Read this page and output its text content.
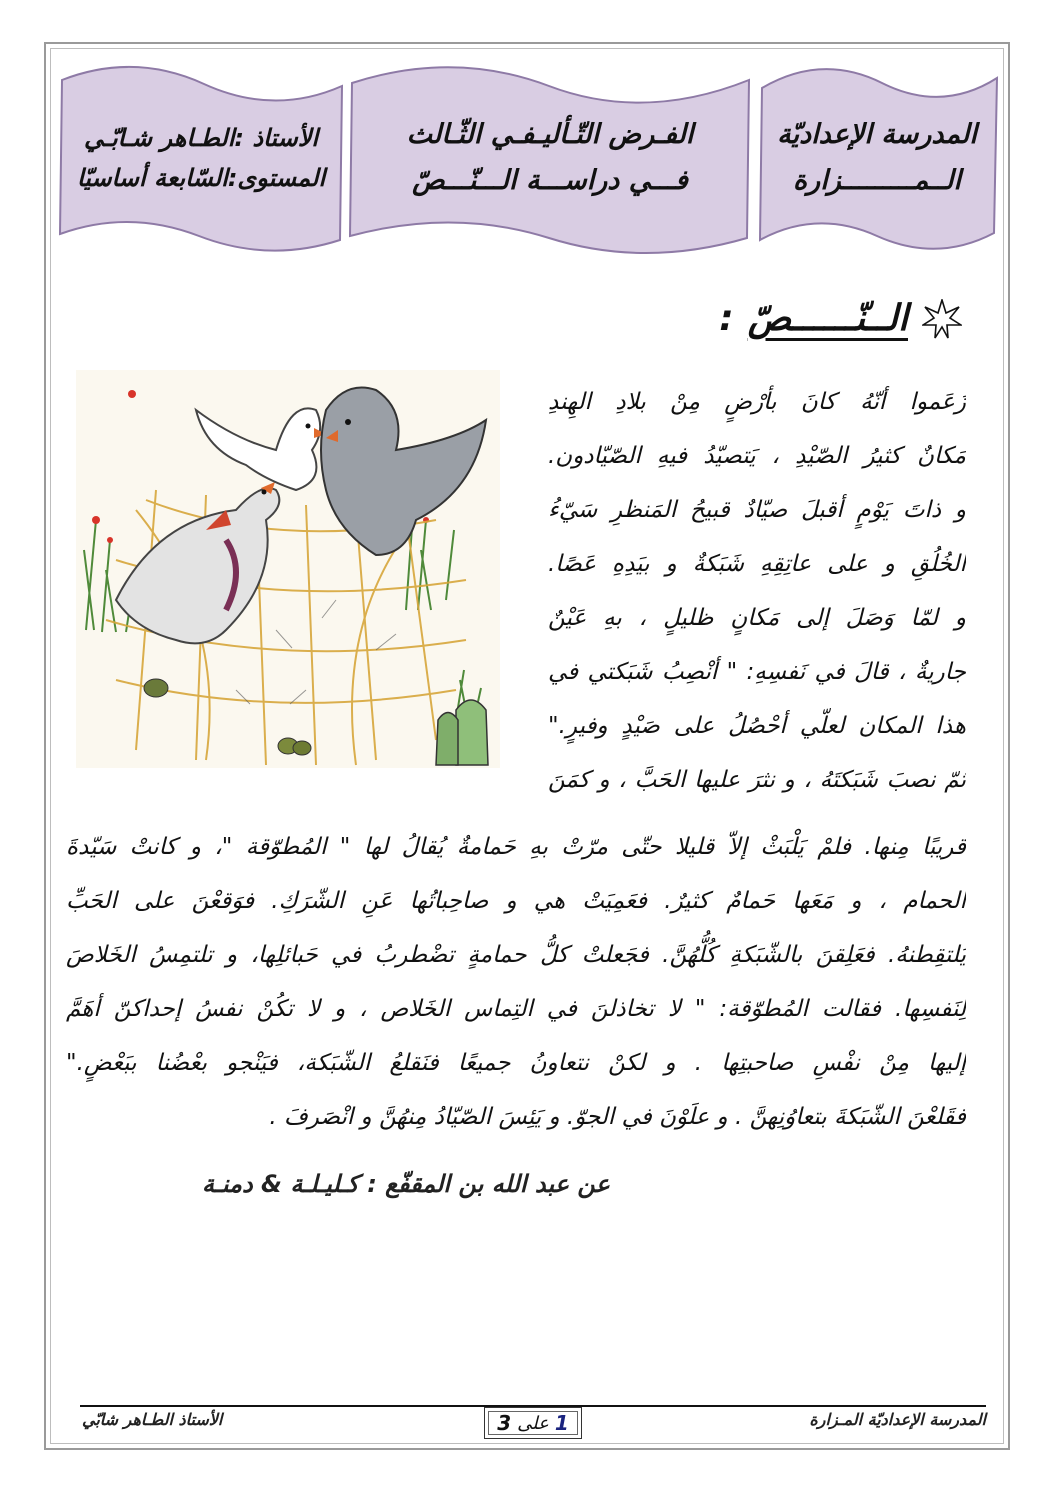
المدرسة الإعداديّة
الــمـــــــــزارة
الفـرض التّـأليـفـي الثّـالث
فـــي دراســـة الـــنّـــصّ
الأستاذ :الطـاهر شـابّـي
المستوى:السّابعة أساسيّا
الــنّــــــصّ
:
زَعَموا أنّهُ كانَ بأرْضٍ مِنْ بلادِ الهِندِ
مَكانٌ كثيرُ الصّيْدِ ، يَتصيّدُ فيهِ الصّيّادون.
و ذاتَ يَوْمٍ أقبلَ صيّادٌ قبيحُ المَنظرِ سَيّءُ
الخُلُقِ و على عاتِقِهِ شَبَكةٌ و بيَدِهِ عَصًا.
و لمّا وَصَلَ إلى مَكانٍ ظليلٍ ، بهِ عَيْنٌ
جاريةٌ ، قالَ في نَفسِهِ: " أنْصِبُ شَبَكتي في
هذا المكان لعلّي أحْصُلُ على صَيْدٍ وفيرٍ."
ثمّ نصبَ شَبَكتَهُ ، و نثرَ عليها الحَبَّ ، و كمَنَ
قريبًا مِنها. فلمْ يَلْبَثْ إلاّ قليلا حتّى مرّتْ بهِ حَمامةٌ يُقالُ لها " المُطوّقة "، و كانتْ سَيّدةَ
الحمام ، و مَعَها حَمامٌ كثيرٌ. فعَمِيَتْ هي و صاحِباتُها عَنِ الشّرَكِ. فوَقعْنَ على الحَبِّ
يَلتقِطنهُ. فعَلِقنَ بالشّبَكةِ كُلُّهُنَّ. فجَعلتْ كلُّ حمامةٍ تضْطربُ في حَبائلِها، و تلتمِسُ الخَلاصَ
لِنَفسِها. فقالت المُطوّقة: " لا تخاذلنَ في التِماس الخَلاص ، و لا تكُنْ نفسُ إحداكنّ أهَمَّ
إليها مِنْ نفْسِ صاحبتِها . و لكنْ نتعاونُ جميعًا فنَقلعُ الشّبَكة، فيَنْجو بعْضُنا ببَعْضٍ."
فقَلعْنَ الشّبَكةَ بتعاوُنِهنَّ . و علَوْنَ في الجوّ. و يَئِسَ الصّيّادُ مِنهُنَّ و انْصَرفَ .
عن عبد الله بن المقفّع : كـليـلـة & دمنـة
المدرسة الإعداديّة المـزارة
الأستاذ الطـاهر شابّي	1
على
3
